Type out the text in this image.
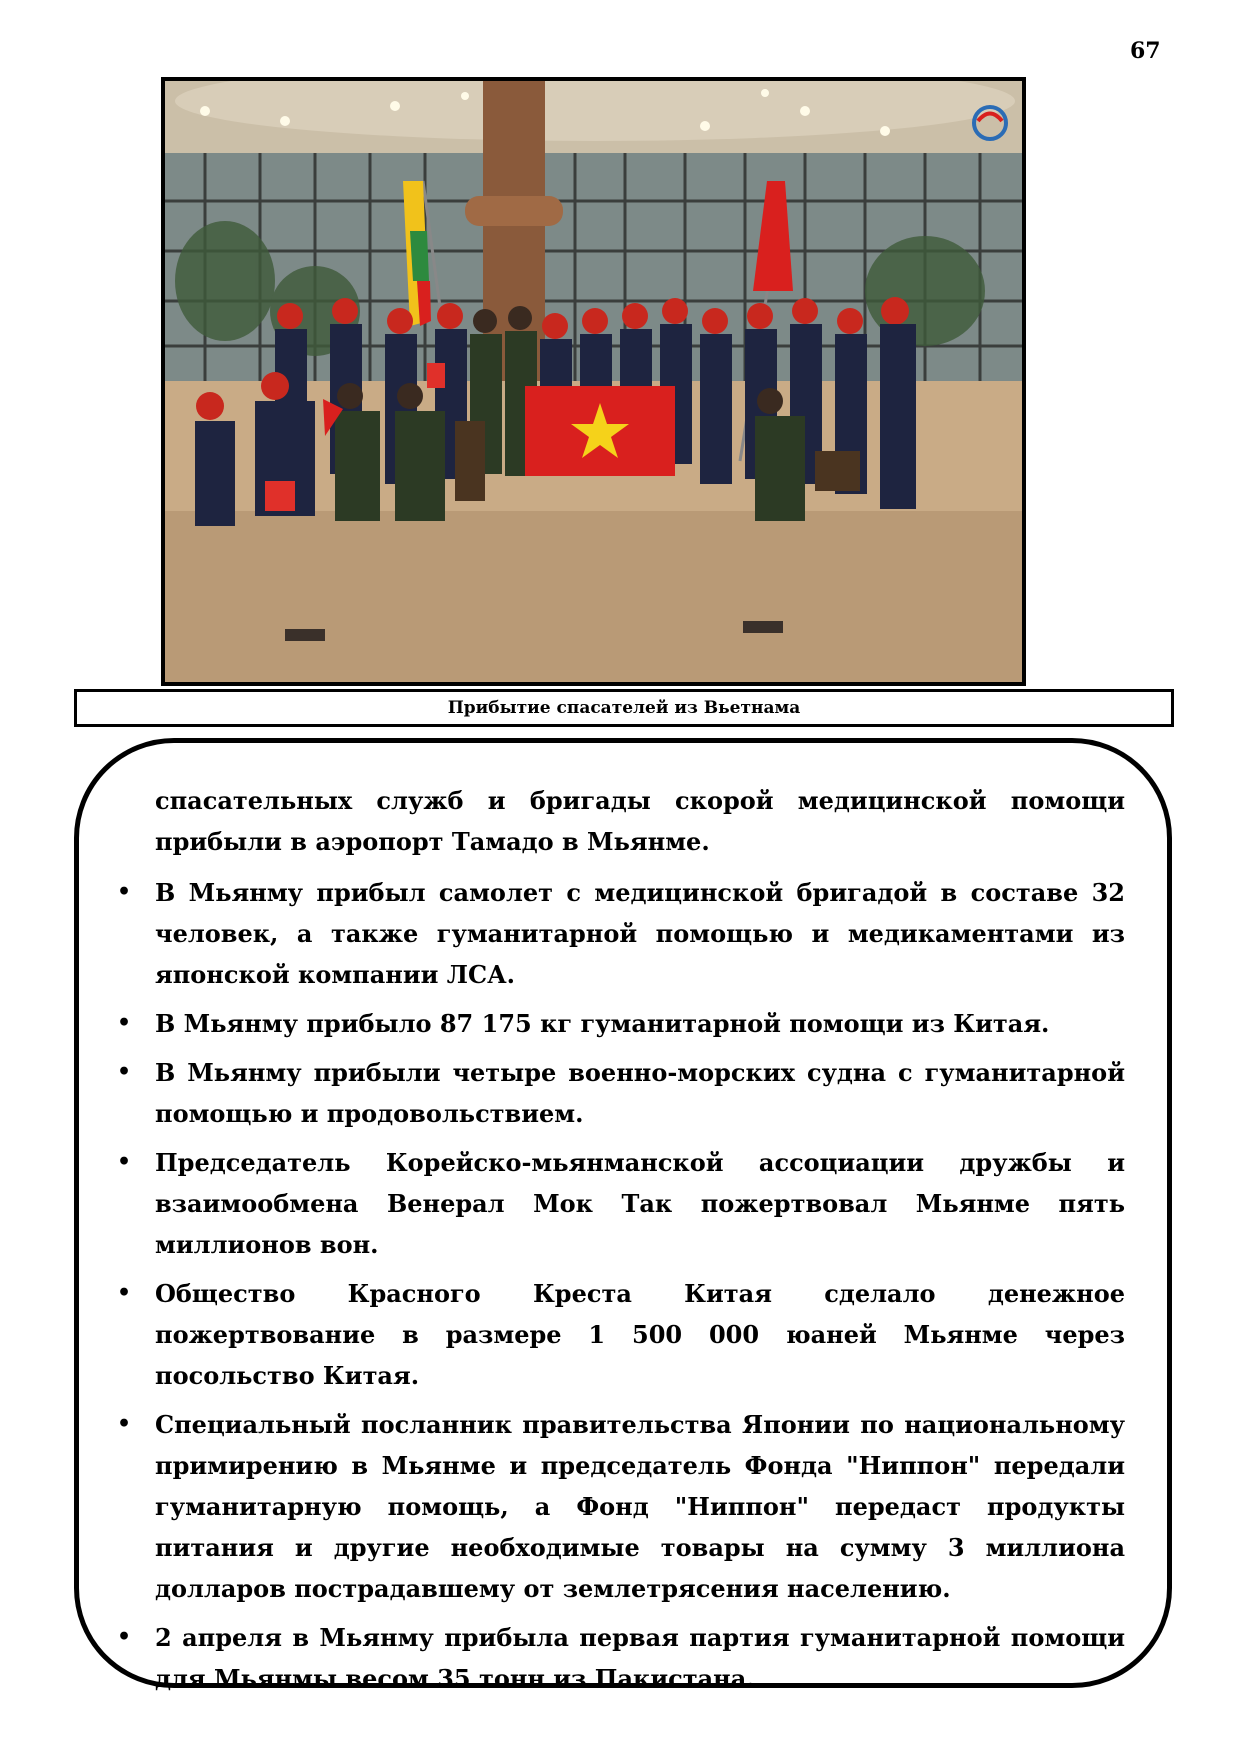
67
Прибытие спасателей из Вьетнама

спасательных служб и бригады скорой медицинской помощи прибыли в аэропорт Тамадо в Мьянме.

• В Мьянму прибыл самолет с медицинской бригадой в составе 32 человек, а также гуманитарной помощью и медикаментами из японской компании ЛСА.
• В Мьянму прибыло 87 175 кг гуманитарной помощи из Китая.
• В Мьянму прибыли четыре военно-морских судна с гуманитарной помощью и продовольствием.
• Председатель Корейско-мьянманской ассоциации дружбы и взаимообмена Венерал Мок Так пожертвовал Мьянме пять миллионов вон.
• Общество Красного Креста Китая сделало денежное пожертвование в размере 1 500 000 юаней Мьянме через посольство Китая.
• Специальный посланник правительства Японии по национальному примирению в Мьянме и председатель Фонда "Ниппон" передали гуманитарную помощь, а Фонд "Ниппон" передаст продукты питания и другие необходимые товары на сумму 3 миллиона долларов пострадавшему от землетрясения населению.
• 2 апреля в Мьянму прибыла первая партия гуманитарной помощи для Мьянмы весом 35 тонн из Пакистана.
